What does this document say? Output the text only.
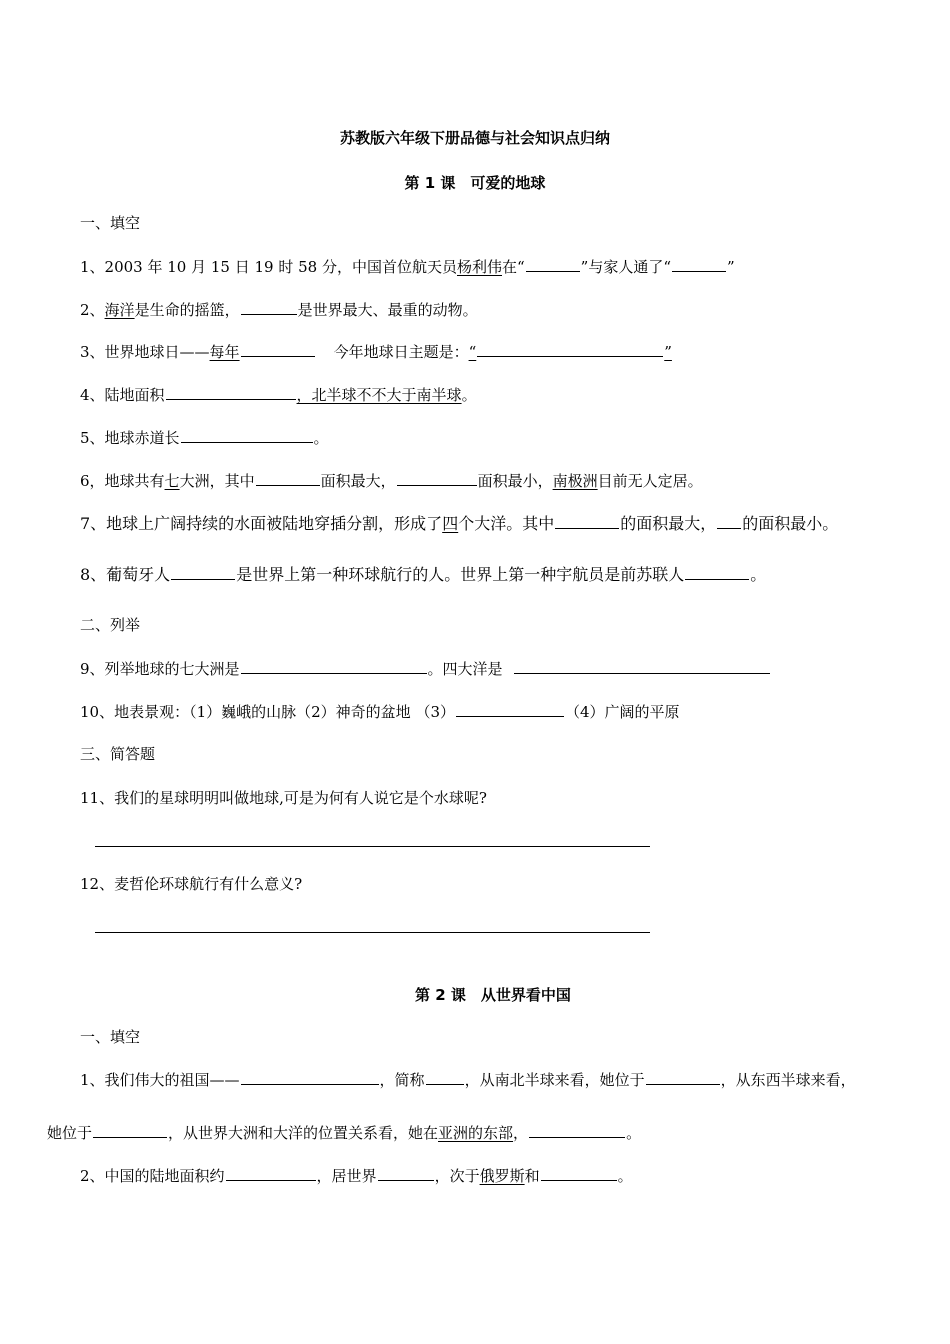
苏教版六年级下册品德与社会知识点归纳
第 1 课　可爱的地球
一、填空
1、2003 年 10 月 15 日 19 时 58 分，中国首位航天员杨利伟在“	”与家人通了“	”
2、海洋是生命的摇篮，	是世界最大、最重的动物。
3、世界地球日——每年	今年地球日主题是：“	”
4、陆地面积	，北半球不不大于南半球。
5、地球赤道长	。
6，地球共有七大洲，其中	面积最大，	面积最小，南极洲目前无人定居。
7、地球上广阔持续的水面被陆地穿插分割，形成了四个大洋。其中	的面积最大， 的面积最小。
8、葡萄牙人	是世界上第一种环球航行的人。世界上第一种宇航员是前苏联人	。
二、列举
9、列举地球的七大洲是	。四大洋是
10、地表景观：（1）巍峨的山脉（2）神奇的盆地 （3）	（4）广阔的平原
三、简答题
11、我们的星球明明叫做地球,可是为何有人说它是个水球呢?
12、麦哲伦环球航行有什么意义?
第 2 课　从世界看中国
一、填空
1、我们伟大的祖国——	，简称	，从南北半球来看，她位于	，从东西半球来看，
她位于	，从世界大洲和大洋的位置关系看，她在亚洲的东部，	。
2、中国的陆地面积约	，居世界	，次于俄罗斯和	。
